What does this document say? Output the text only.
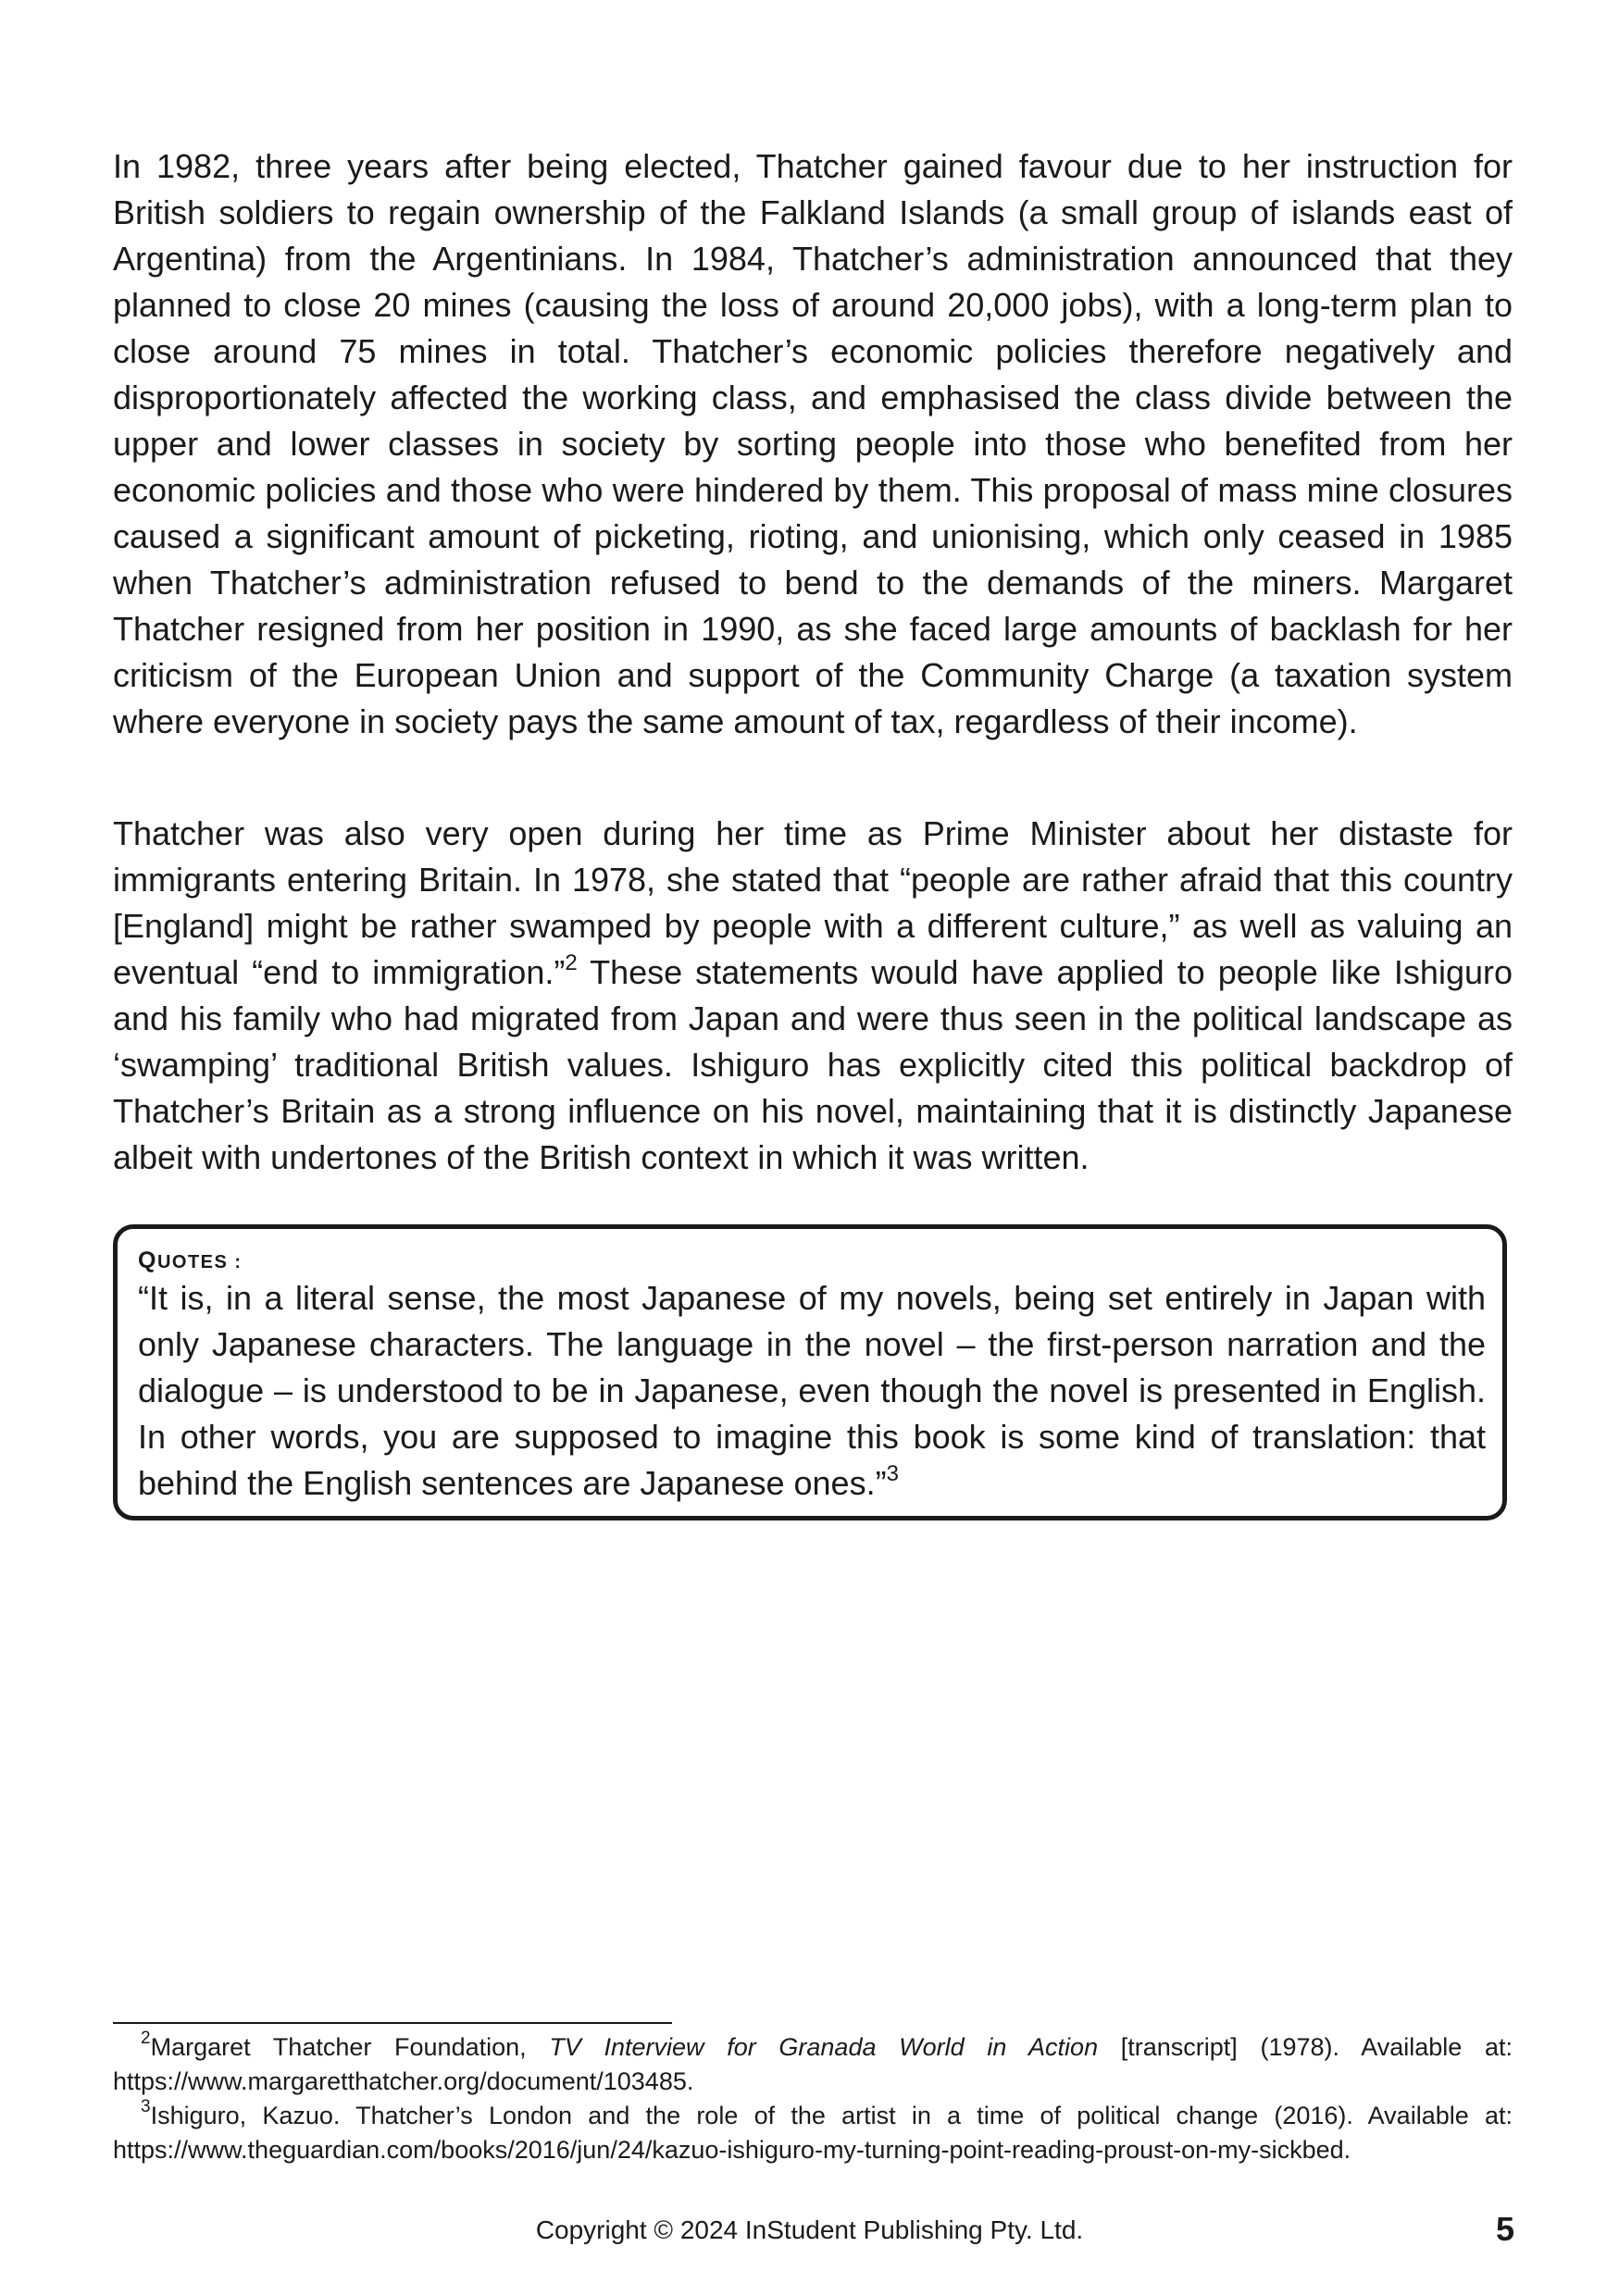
In 1982, three years after being elected, Thatcher gained favour due to her instruction for British soldiers to regain ownership of the Falkland Islands (a small group of islands east of Argentina) from the Argentinians. In 1984, Thatcher’s administration announced that they planned to close 20 mines (causing the loss of around 20,000 jobs), with a long-term plan to close around 75 mines in total. Thatcher’s economic policies therefore negatively and disproportionately affected the working class, and emphasised the class divide between the upper and lower classes in society by sorting people into those who benefited from her economic policies and those who were hindered by them. This proposal of mass mine closures caused a significant amount of picketing, rioting, and unionising, which only ceased in 1985 when Thatcher’s administration refused to bend to the demands of the miners. Margaret Thatcher resigned from her position in 1990, as she faced large amounts of backlash for her criticism of the European Union and support of the Community Charge (a taxation system where everyone in society pays the same amount of tax, regardless of their income).

Thatcher was also very open during her time as Prime Minister about her distaste for immigrants entering Britain. In 1978, she stated that “people are rather afraid that this country [England] might be rather swamped by people with a different culture,” as well as valuing an eventual “end to immigration.”$^2$ These statements would have applied to people like Ishiguro and his family who had migrated from Japan and were thus seen in the political landscape as ‘swamping’ traditional British values. Ishiguro has explicitly cited this political backdrop of Thatcher’s Britain as a strong influence on his novel, maintaining that it is distinctly Japanese albeit with undertones of the British context in which it was written.

QUOTES :

“It is, in a literal sense, the most Japanese of my novels, being set entirely in Japan with only Japanese characters. The language in the novel – the first-person narration and the dialogue – is understood to be in Japanese, even though the novel is presented in English. In other words, you are supposed to imagine this book is some kind of translation: that behind the English sentences are Japanese ones.”$^3$

$^2$Margaret Thatcher Foundation, TV Interview for Granada World in Action [transcript] (1978). Available at: https://www.margaretthatcher.org/document/103485.

$^3$Ishiguro, Kazuo. Thatcher’s London and the role of the artist in a time of political change (2016). Available at: https://www.theguardian.com/books/2016/jun/24/kazuo-ishiguro-my-turning-point-reading-proust-on-my-sickbed.

Copyright © 2024 InStudent Publishing Pty. Ltd.	5
